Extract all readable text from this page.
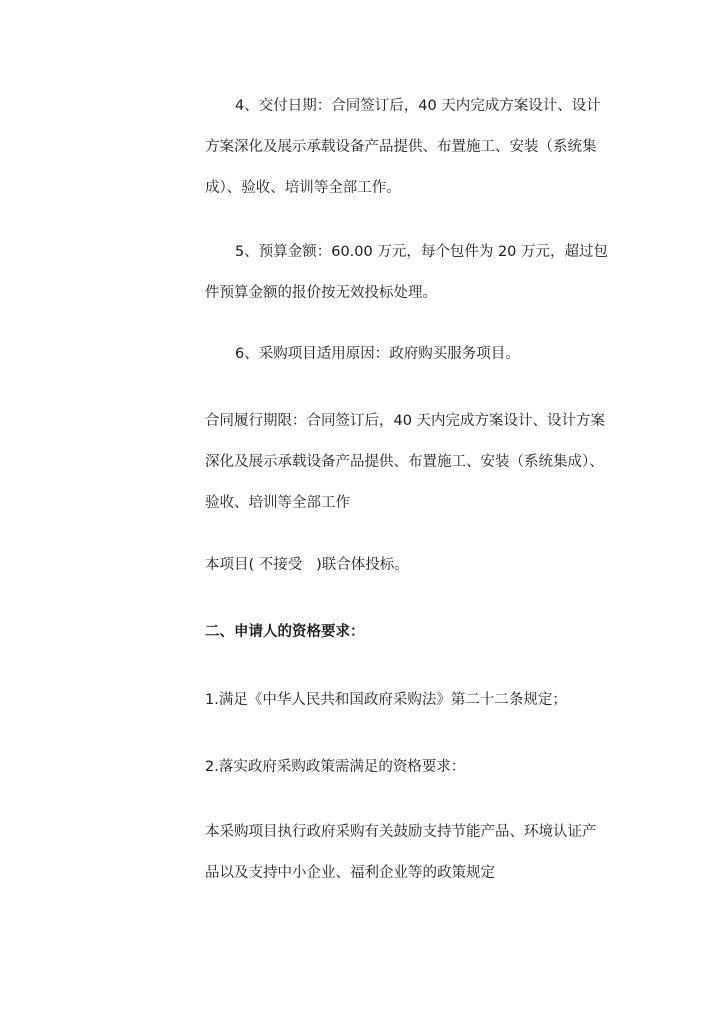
4、交付日期：合同签订后，40 天内完成方案设计、设计
方案深化及展示承载设备产品提供、布置施工、安装（系统集
成）、验收、培训等全部工作。
5、预算金额：60.00 万元，每个包件为 20 万元，超过包
件预算金额的报价按无效投标处理。
6、采购项目适用原因：政府购买服务项目。
合同履行期限：合同签订后，40 天内完成方案设计、设计方案
深化及展示承载设备产品提供、布置施工、安装（系统集成）、
验收、培训等全部工作
本项目( 不接受   )联合体投标。
二、申请人的资格要求：
1.满足《中华人民共和国政府采购法》第二十二条规定；
2.落实政府采购政策需满足的资格要求：
本采购项目执行政府采购有关鼓励支持节能产品、环境认证产
品以及支持中小企业、福利企业等的政策规定
